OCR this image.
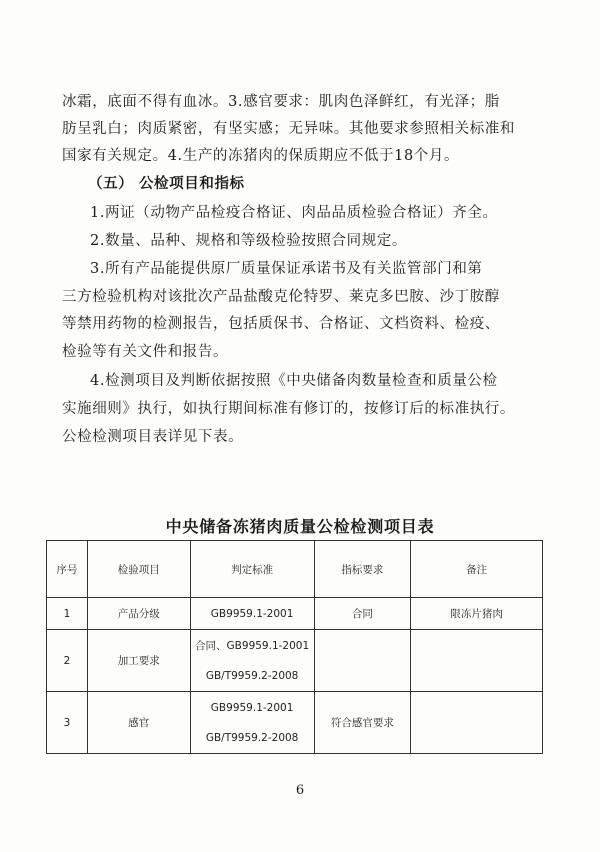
冰霜，底面不得有血冰。3.感官要求：肌肉色泽鲜红，有光泽；脂
肪呈乳白；肉质紧密，有坚实感；无异味。其他要求参照相关标准和
国家有关规定。4.生产的冻猪肉的保质期应不低于18个月。
（五） 公检项目和指标
1.两证（动物产品检疫合格证、肉品品质检验合格证）齐全。
2.数量、品种、规格和等级检验按照合同规定。
3.所有产品能提供原厂质量保证承诺书及有关监管部门和第
三方检验机构对该批次产品盐酸克伦特罗、莱克多巴胺、沙丁胺醇
等禁用药物的检测报告，包括质保书、合格证、文档资料、检疫、
检验等有关文件和报告。
4.检测项目及判断依据按照《中央储备肉数量检查和质量公检
实施细则》执行，如执行期间标准有修订的，按修订后的标准执行。
公检检测项目表详见下表。
中央储备冻猪肉质量公检检测项目表
序号	检验项目	判定标准	指标要求	备注
1	产品分级	GB9959.1-2001	合同	限冻片猪肉
2	加工要求	合同、GB9959.1-2001
GB/T9959.2-2008		

3	感官	GB9959.1-2001
GB/T9959.2-2008	符合感官要求	
6
